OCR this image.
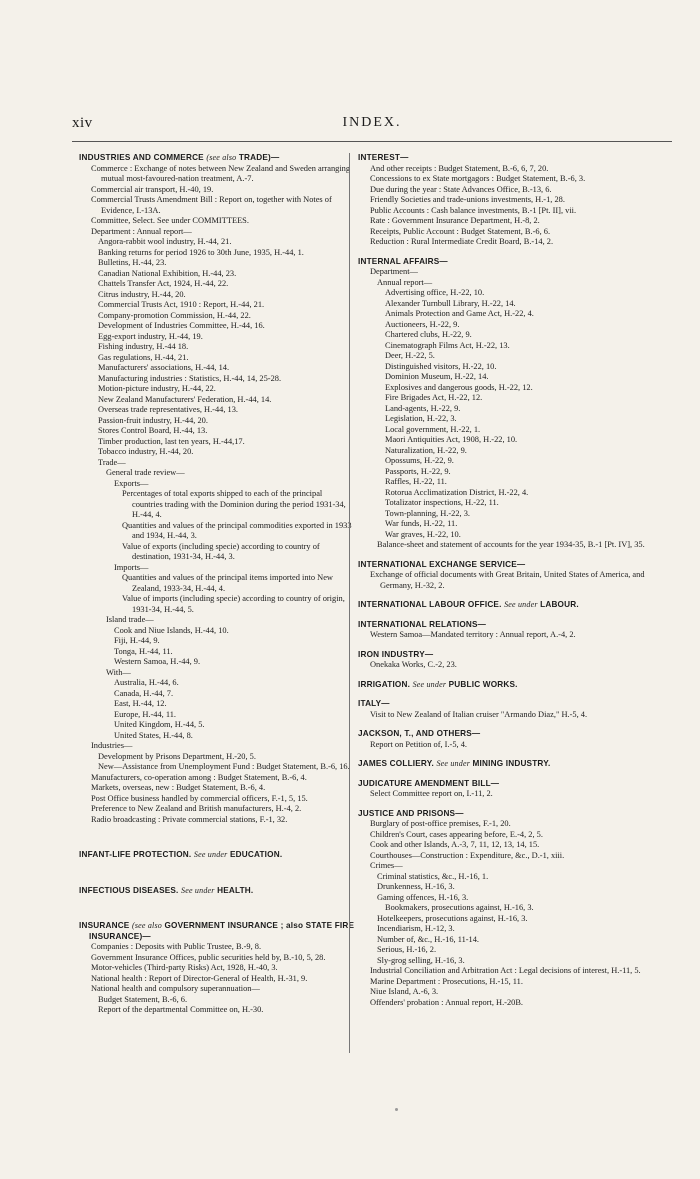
xiv	INDEX.
INDUSTRIES AND COMMERCE (see also TRADE)—
Commerce : Exchange of notes between New Zealand and Sweden arranging mutual most-favoured-nation treatment, A.-7.
Commercial air transport, H.-40, 19.
Commercial Trusts Amendment Bill : Report on, together with Notes of Evidence, I.-13A.
Committee, Select. See under COMMITTEES.
Department : Annual report—
Angora-rabbit wool industry, H.-44, 21.
Banking returns for period 1926 to 30th June, 1935, H.-44, 1.
Bulletins, H.-44, 23.
Canadian National Exhibition, H.-44, 23.
Chattels Transfer Act, 1924, H.-44, 22.
Citrus industry, H.-44, 20.
Commercial Trusts Act, 1910 : Report, H.-44, 21.
Company-promotion Commission, H.-44, 22.
Development of Industries Committee, H.-44, 16.
Egg-export industry, H.-44, 19.
Fishing industry, H.-44 18.
Gas regulations, H.-44, 21.
Manufacturers' associations, H.-44, 14.
Manufacturing industries : Statistics, H.-44, 14, 25-28.
Motion-picture industry, H.-44, 22.
New Zealand Manufacturers' Federation, H.-44, 14.
Overseas trade representatives, H.-44, 13.
Passion-fruit industry, H.-44, 20.
Stores Control Board, H.-44, 13.
Timber production, last ten years, H.-44,17.
Tobacco industry, H.-44, 20.
Trade—
General trade review—
Exports—
Percentages of total exports shipped to each of the principal countries trading with the Dominion during the period 1931-34, H.-44, 4.
Quantities and values of the principal commodities exported in 1933 and 1934, H.-44, 3.
Value of exports (including specie) according to country of destination, 1931-34, H.-44, 3.
Imports—
Quantities and values of the principal items imported into New Zealand, 1933-34, H.-44, 4.
Value of imports (including specie) according to country of origin, 1931-34, H.-44, 5.
Island trade—
Cook and Niue Islands, H.-44, 10.
Fiji, H.-44, 9.
Tonga, H.-44, 11.
Western Samoa, H.-44, 9.
With—
Australia, H.-44, 6.
Canada, H.-44, 7.
East, H.-44, 12.
Europe, H.-44, 11.
United Kingdom, H.-44, 5.
United States, H.-44, 8.
Industries—
Development by Prisons Department, H.-20, 5.
New—Assistance from Unemployment Fund : Budget Statement, B.-6, 16.
Manufacturers, co-operation among : Budget Statement, B.-6, 4.
Markets, overseas, new : Budget Statement, B.-6, 4.
Post Office business handled by commercial officers, F.-1, 5, 15.
Preference to New Zealand and British manufacturers, H.-4, 2.
Radio broadcasting : Private commercial stations, F.-1, 32.
INFANT-LIFE PROTECTION. See under EDUCATION.
INFECTIOUS DISEASES. See under HEALTH.
INSURANCE (see also GOVERNMENT INSURANCE ; also STATE FIRE INSURANCE)—
Companies : Deposits with Public Trustee, B.-9, 8.
Government Insurance Offices, public securities held by, B.-10, 5, 28.
Motor-vehicles (Third-party Risks) Act, 1928, H.-40, 3.
National health : Report of Director-General of Health, H.-31, 9.
National health and compulsory superannuation—
Budget Statement, B.-6, 6.
Report of the departmental Committee on, H.-30.
INTEREST—
And other receipts : Budget Statement, B.-6, 6, 7, 20.
Concessions to ex State mortgagors : Budget Statement, B.-6, 3.
Due during the year : State Advances Office, B.-13, 6.
Friendly Societies and trade-unions investments, H.-1, 28.
Public Accounts : Cash balance investments, B.-1 [Pt. II], vii.
Rate : Government Insurance Department, H.-8, 2.
Receipts, Public Account : Budget Statement, B.-6, 6.
Reduction : Rural Intermediate Credit Board, B.-14, 2.
INTERNAL AFFAIRS—
Department—
Annual report—
Advertising office, H.-22, 10.
Alexander Turnbull Library, H.-22, 14.
Animals Protection and Game Act, H.-22, 4.
Auctioneers, H.-22, 9.
Chartered clubs, H.-22, 9.
Cinematograph Films Act, H.-22, 13.
Deer, H.-22, 5.
Distinguished visitors, H.-22, 10.
Dominion Museum, H.-22, 14.
Explosives and dangerous goods, H.-22, 12.
Fire Brigades Act, H.-22, 12.
Land-agents, H.-22, 9.
Legislation, H.-22, 3.
Local government, H.-22, 1.
Maori Antiquities Act, 1908, H.-22, 10.
Naturalization, H.-22, 9.
Opossums, H.-22, 9.
Passports, H.-22, 9.
Raffles, H.-22, 11.
Rotorua Acclimatization District, H.-22, 4.
Totalizator inspections, H.-22, 11.
Town-planning, H.-22, 3.
War funds, H.-22, 11.
War graves, H.-22, 10.
Balance-sheet and statement of accounts for the year 1934-35, B.-1 [Pt. IV], 35.
INTERNATIONAL EXCHANGE SERVICE—
Exchange of official documents with Great Britain, United States of America, and Germany, H.-32, 2.
INTERNATIONAL LABOUR OFFICE. See under LABOUR.
INTERNATIONAL RELATIONS—
Western Samoa—Mandated territory : Annual report, A.-4, 2.
IRON INDUSTRY—
Onekaka Works, C.-2, 23.
IRRIGATION. See under PUBLIC WORKS.
ITALY—
Visit to New Zealand of Italian cruiser "Armando Diaz," H.-5, 4.
JACKSON, T., AND OTHERS—
Report on Petition of, I.-5, 4.
JAMES COLLIERY. See under MINING INDUSTRY.
JUDICATURE AMENDMENT BILL—
Select Committee report on, I.-11, 2.
JUSTICE AND PRISONS—
Burglary of post-office premises, F.-1, 20.
Children's Court, cases appearing before, E.-4, 2, 5.
Cook and other Islands, A.-3, 7, 11, 12, 13, 14, 15.
Courthouses—Construction : Expenditure, &c., D.-1, xiii.
Crimes—
Criminal statistics, &c., H.-16, 1.
Drunkenness, H.-16, 3.
Gaming offences, H.-16, 3.
Bookmakers, prosecutions against, H.-16, 3.
Hotelkeepers, prosecutions against, H.-16, 3.
Incendiarism, H.-12, 3.
Number of, &c., H.-16, 11-14.
Serious, H.-16, 2.
Sly-grog selling, H.-16, 3.
Industrial Conciliation and Arbitration Act : Legal decisions of interest, H.-11, 5.
Marine Department : Prosecutions, H.-15, 11.
Niue Island, A.-6, 3.
Offenders' probation : Annual report, H.-20B.
